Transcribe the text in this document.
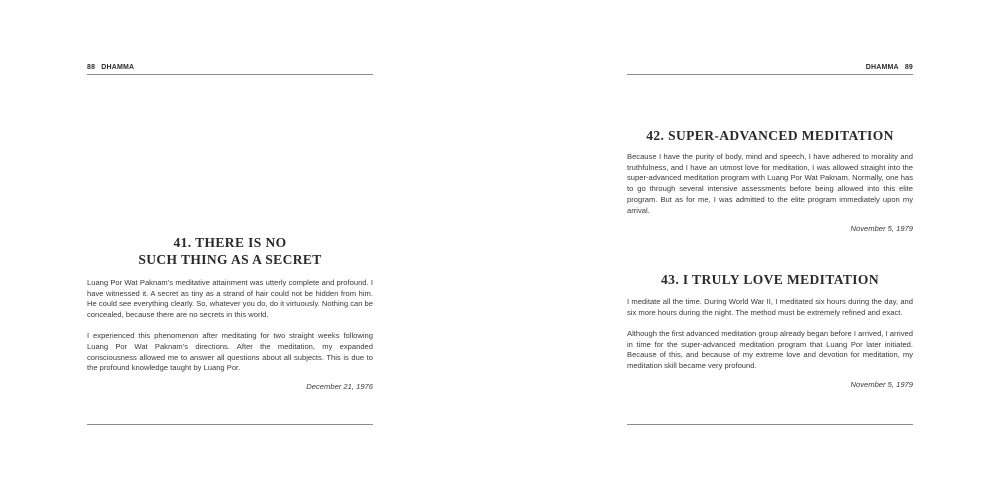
88 DHAMMA
41. THERE IS NO
SUCH THING AS A SECRET

Luang Por Wat Paknam’s meditative attainment was utterly complete and profound. I have witnessed it. A secret as tiny as a strand of hair could not be hidden from him. He could see everything clearly. So, whatever you do, do it virtuously. Nothing can be concealed, because there are no secrets in this world.

I experienced this phenomenon after meditating for two straight weeks following Luang Por Wat Paknam’s directions. After the meditation, my expanded consciousness allowed me to answer all questions about all subjects. This is due to the profound knowledge taught by Luang Por.

December 21, 1976

DHAMMA 89
42. SUPER-ADVANCED MEDITATION

Because I have the purity of body, mind and speech, I have adhered to morality and truthfulness, and I have an utmost love for meditation, I was allowed straight into the super-advanced meditation program with Luang Por Wat Paknam. Normally, one has to go through several intensive assessments before being allowed into this elite program. But as for me, I was admitted to the elite program immediately upon my arrival.

November 5, 1979

43. I TRULY LOVE MEDITATION

I meditate all the time. During World War II, I meditated six hours during the day, and six more hours during the night. The method must be extremely refined and exact.

Although the first advanced meditation group already began before I arrived, I arrived in time for the super-advanced meditation program that Luang Por later initiated. Because of this, and because of my extreme love and devotion for meditation, my meditation skill became very profound.

November 5, 1979
